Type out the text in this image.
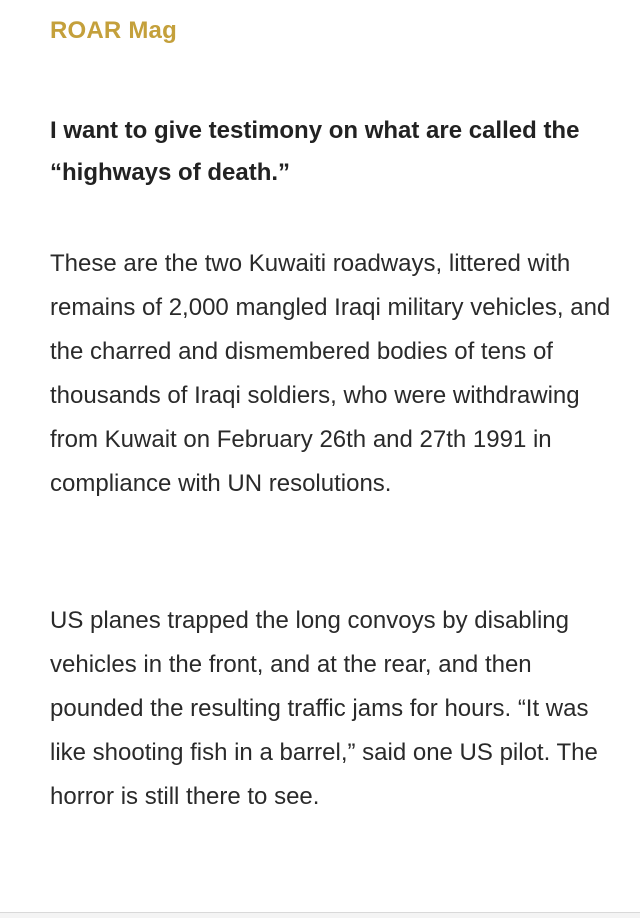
ROAR Mag

I want to give testimony on what are called the “highways of death.”

These are the two Kuwaiti roadways, littered with remains of 2,000 mangled Iraqi military vehicles, and the charred and dismembered bodies of tens of thousands of Iraqi soldiers, who were withdrawing from Kuwait on February 26th and 27th 1991 in compliance with UN resolutions.

US planes trapped the long convoys by disabling vehicles in the front, and at the rear, and then pounded the resulting traffic jams for hours. “It was like shooting fish in a barrel,” said one US pilot. The horror is still there to see.
